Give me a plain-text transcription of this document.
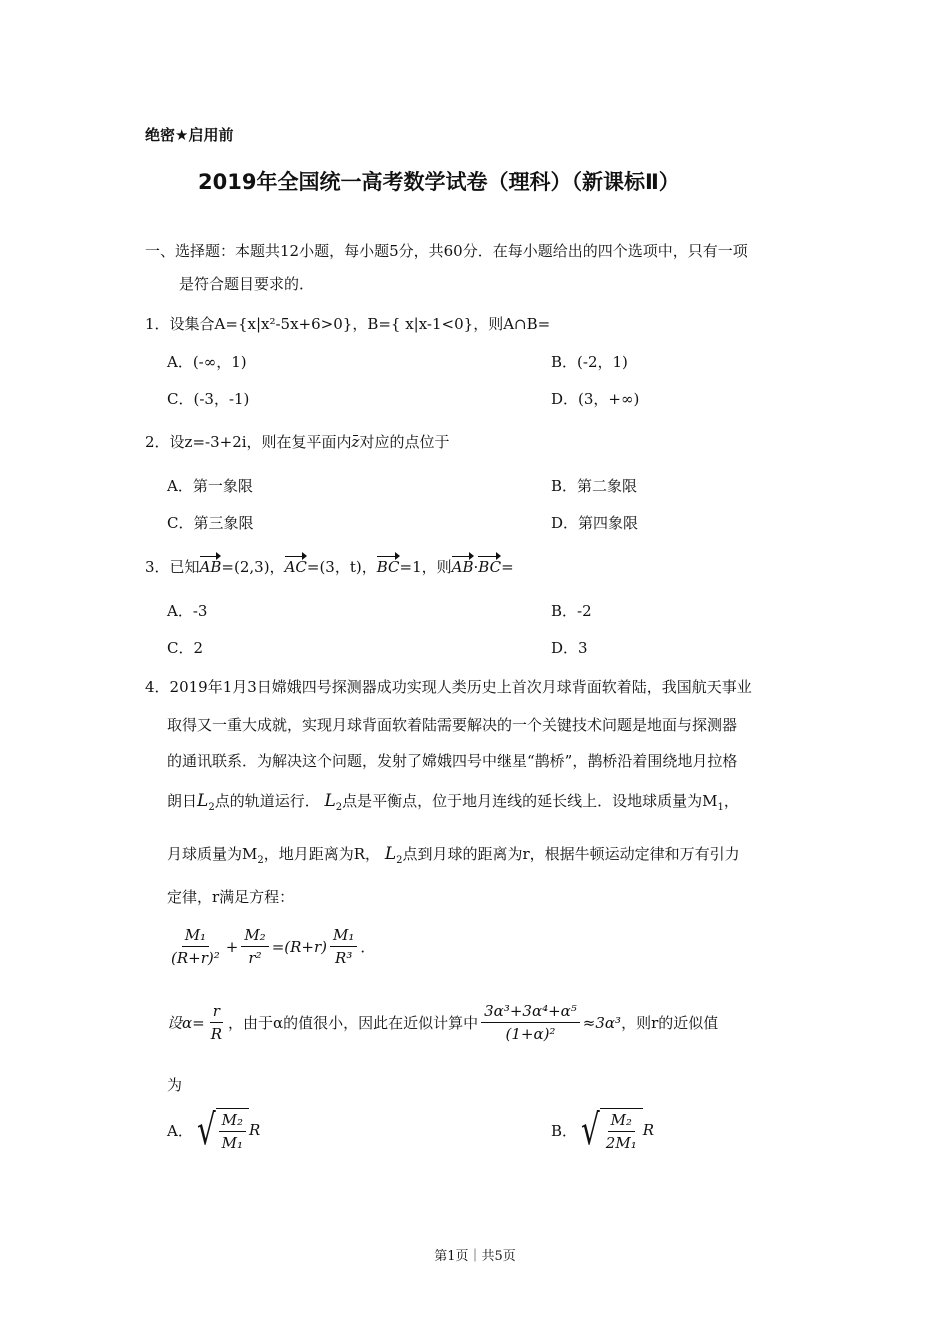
绝密★启用前
2019年全国统一高考数学试卷（理科）（新课标Ⅱ）
一、选择题：本题共12小题，每小题5分，共60分．在每小题给出的四个选项中，只有一项
是符合题目要求的．
1．设集合A={x|x²-5x+6>0}，B={ x|x-1<0}，则A∩B=
A．(-∞，1)	B．(-2，1)
C．(-3，-1)	D．(3，+∞)
2．设z=-3+2i，则在复平面内z对应的点位于
A．第一象限	B．第二象限
C．第三象限	D．第四象限
3．已知AB=(2,3)，AC=(3，t)，BC=1，则AB·BC=
A．-3	B．-2
C．2	D．3
4．2019年1月3日嫦娥四号探测器成功实现人类历史上首次月球背面软着陆，我国航天事业
取得又一重大成就，实现月球背面软着陆需要解决的一个关键技术问题是地面与探测器
的通讯联系．为解决这个问题，发射了嫦娥四号中继星“鹊桥”，鹊桥沿着围绕地月拉格
朗日$L_2$点的轨道运行． $L_2$点是平衡点，位于地月连线的延长线上．设地球质量为$M_1$，
月球质量为$M_2$，地月距离为R， $L_2$点到月球的距离为r，根据牛顿运动定律和万有引力
定律，r满足方程：
$\frac{\text{M₁}}{\text{(R+r)²}} + \frac{\text{M₂}}{\text{r²}} =(R+r) \frac{\text{M₁}}{\text{R³}}$ ．
设$\alpha= \frac{r}{R}$ ，由于α的值很小，因此在近似计算中 $\frac{\text{3α³+3α⁴+α⁵}}{\text{(1+α)²}} \approx 3\alpha^3$ ，则r的近似值
为
A． √ $\frac{\text{M₂}}{\text{M₁}}$ R	B． √ $\frac{\text{M₂}}{\text{2M₁}}$ R
第1页｜共5页
